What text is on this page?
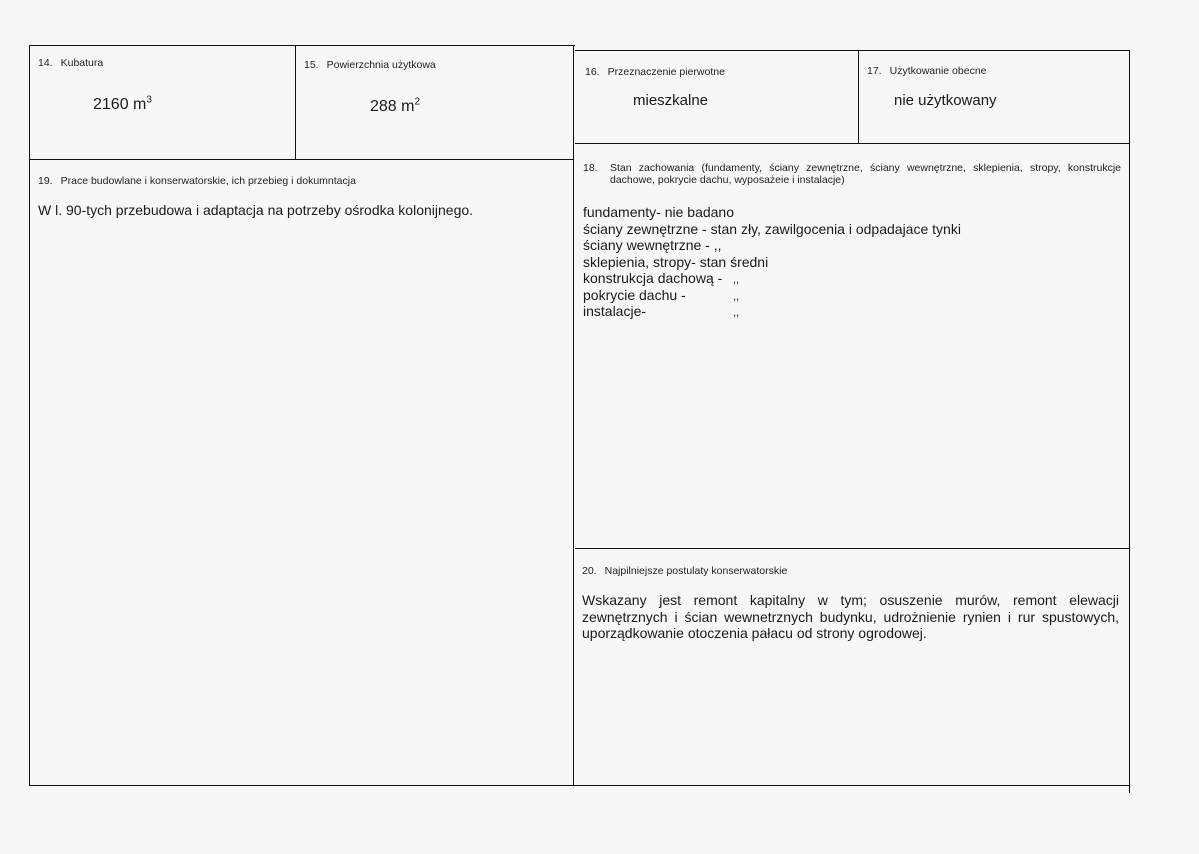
14. Kubatura
2160 $m^3$
15. Powierzchnia użytkowa
288 $m^2$
16. Przeznaczenie pierwotne
mieszkalne
17. Użytkowanie obecne
nie użytkowany
18.	Stan zachowania (fundamenty, ściany zewnętrzne, ściany wewnętrzne, sklepienia, stropy, konstrukcje dachowe, pokrycie dachu, wyposażeie i instalacje)
fundamenty- nie badano
ściany zewnętrzne - stan zły, zawilgocenia i odpadajace tynki
ściany wewnętrzne - ,,
sklepienia, stropy- stan średni
konstrukcja dachową - ,,
pokrycie dachu -	,,
instalacje-	,,
19. Prace budowlane i konserwatorskie, ich przebieg i dokumntacja
W l. 90-tych przebudowa i adaptacja na potrzeby ośrodka kolonijnego.
20. Najpilniejsze postulaty konserwatorskie
Wskazany jest remont kapitalny w tym; osuszenie murów, remont elewacji zewnętrznych i ścian wewnetrznych budynku, udrożnienie rynien i rur spustowych, uporządkowanie otoczenia pałacu od strony ogrodowej.
